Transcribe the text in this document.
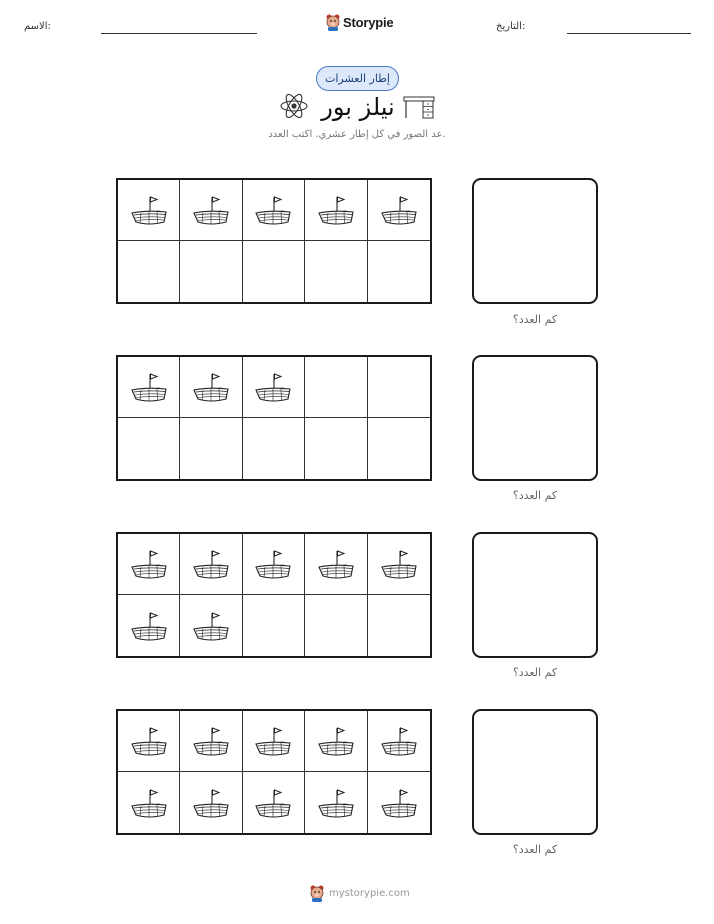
الاسم:	Storypie	التاريخ:
إطار العشرات
نيلز بور
عد الصور في كل إطار عشري. اكتب العدد.
كم العدد؟
كم العدد؟
كم العدد؟
كم العدد؟
mystorypie.com
